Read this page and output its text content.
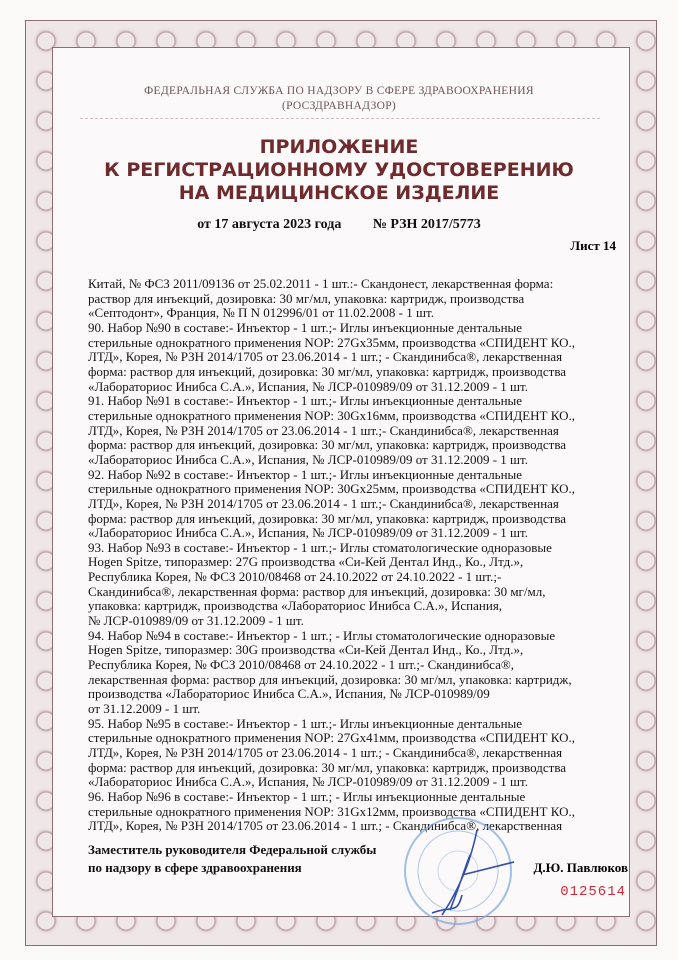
ФЕДЕРАЛЬНАЯ СЛУЖБА ПО НАДЗОРУ В СФЕРЕ ЗДРАВООХРАНЕНИЯ
(РОСЗДРАВНАДЗОР)
ПРИЛОЖЕНИЕ
К РЕГИСТРАЦИОННОМУ УДОСТОВЕРЕНИЮ
НА МЕДИЦИНСКОЕ ИЗДЕЛИЕ
от 17 августа 2023 года № РЗН 2017/5773
Лист 14
Китай, № ФСЗ 2011/09136 от 25.02.2011 - 1 шт.:- Скандонест, лекарственная форма:
раствор для инъекций, дозировка: 30 мг/мл, упаковка: картридж, производства
«Септодонт», Франция, № П N 012996/01 от 11.02.2008 - 1 шт.
90. Набор №90 в составе:- Инъектор - 1 шт.;- Иглы инъекционные дентальные
стерильные однократного применения NOP: 27Gx35мм, производства «СПИДЕНТ КО.,
ЛТД», Корея, № РЗН 2014/1705 от 23.06.2014 - 1 шт.; - Скандинибса®, лекарственная
форма: раствор для инъекций, дозировка: 30 мг/мл, упаковка: картридж, производства
«Лабораториос Инибса С.А.», Испания, № ЛСР-010989/09 от 31.12.2009 - 1 шт.
91. Набор №91 в составе:- Инъектор - 1 шт.;- Иглы инъекционные дентальные
стерильные однократного применения NOP: 30Gx16мм, производства «СПИДЕНТ КО.,
ЛТД», Корея, № РЗН 2014/1705 от 23.06.2014 - 1 шт.;- Скандинибса®, лекарственная
форма: раствор для инъекций, дозировка: 30 мг/мл, упаковка: картридж, производства
«Лабораториос Инибса С.А.», Испания, № ЛСР-010989/09 от 31.12.2009 - 1 шт.
92. Набор №92 в составе:- Инъектор - 1 шт.;- Иглы инъекционные дентальные
стерильные однократного применения NOP: 30Gx25мм, производства «СПИДЕНТ КО.,
ЛТД», Корея, № РЗН 2014/1705 от 23.06.2014 - 1 шт.;- Скандинибса®, лекарственная
форма: раствор для инъекций, дозировка: 30 мг/мл, упаковка: картридж, производства
«Лабораториос Инибса С.А.», Испания, № ЛСР-010989/09 от 31.12.2009 - 1 шт.
93. Набор №93 в составе:- Инъектор - 1 шт.;- Иглы стоматологические одноразовые
Hogen Spitze, типоразмер: 27G производства «Си-Кей Дентал Инд., Ко., Лтд.»,
Республика Корея, № ФСЗ 2010/08468 от 24.10.2022 от 24.10.2022 - 1 шт.;-
Скандинибса®, лекарственная форма: раствор для инъекций, дозировка: 30 мг/мл,
упаковка: картридж, производства «Лабораториос Инибса С.А.», Испания,
№ ЛСР-010989/09 от 31.12.2009 - 1 шт.
94. Набор №94 в составе:- Инъектор - 1 шт.; - Иглы стоматологические одноразовые
Hogen Spitze, типоразмер: 30G производства «Си-Кей Дентал Инд., Ко., Лтд.»,
Республика Корея, № ФСЗ 2010/08468 от 24.10.2022 - 1 шт.;- Скандинибса®,
лекарственная форма: раствор для инъекций, дозировка: 30 мг/мл, упаковка: картридж,
производства «Лабораториос Инибса С.А.», Испания, № ЛСР-010989/09
от 31.12.2009 - 1 шт.
95. Набор №95 в составе:- Инъектор - 1 шт.;- Иглы инъекционные дентальные
стерильные однократного применения NOP: 27Gx41мм, производства «СПИДЕНТ КО.,
ЛТД», Корея, № РЗН 2014/1705 от 23.06.2014 - 1 шт.; - Скандинибса®, лекарственная
форма: раствор для инъекций, дозировка: 30 мг/мл, упаковка: картридж, производства
«Лабораториос Инибса С.А.», Испания, № ЛСР-010989/09 от 31.12.2009 - 1 шт.
96. Набор №96 в составе:- Инъектор - 1 шт.; - Иглы инъекционные дентальные
стерильные однократного применения NOP: 31Gx12мм, производства «СПИДЕНТ КО.,
ЛТД», Корея, № РЗН 2014/1705 от 23.06.2014 - 1 шт.; - Скандинибса®, лекарственная
Заместитель руководителя Федеральной службы
по надзору в сфере здравоохранения	Д.Ю. Павлюков
0125614
